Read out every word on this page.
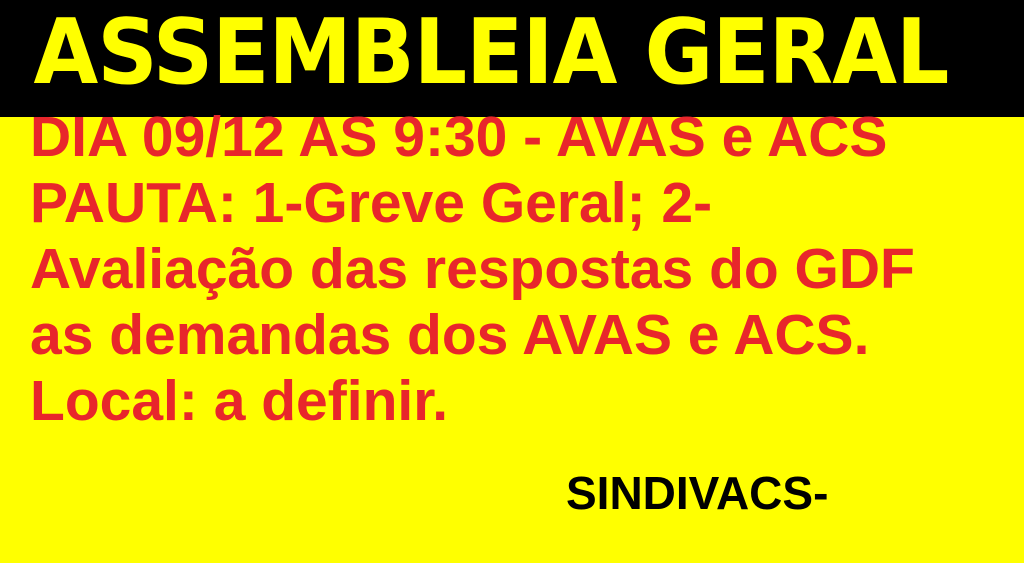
ASSEMBLEIA GERAL
DIA 09/12 AS 9:30 - AVAS e ACS
PAUTA: 1-Greve Geral; 2-
Avaliação das respostas do GDF
as demandas dos AVAS e ACS.
Local: a definir.
SINDIVACS-
